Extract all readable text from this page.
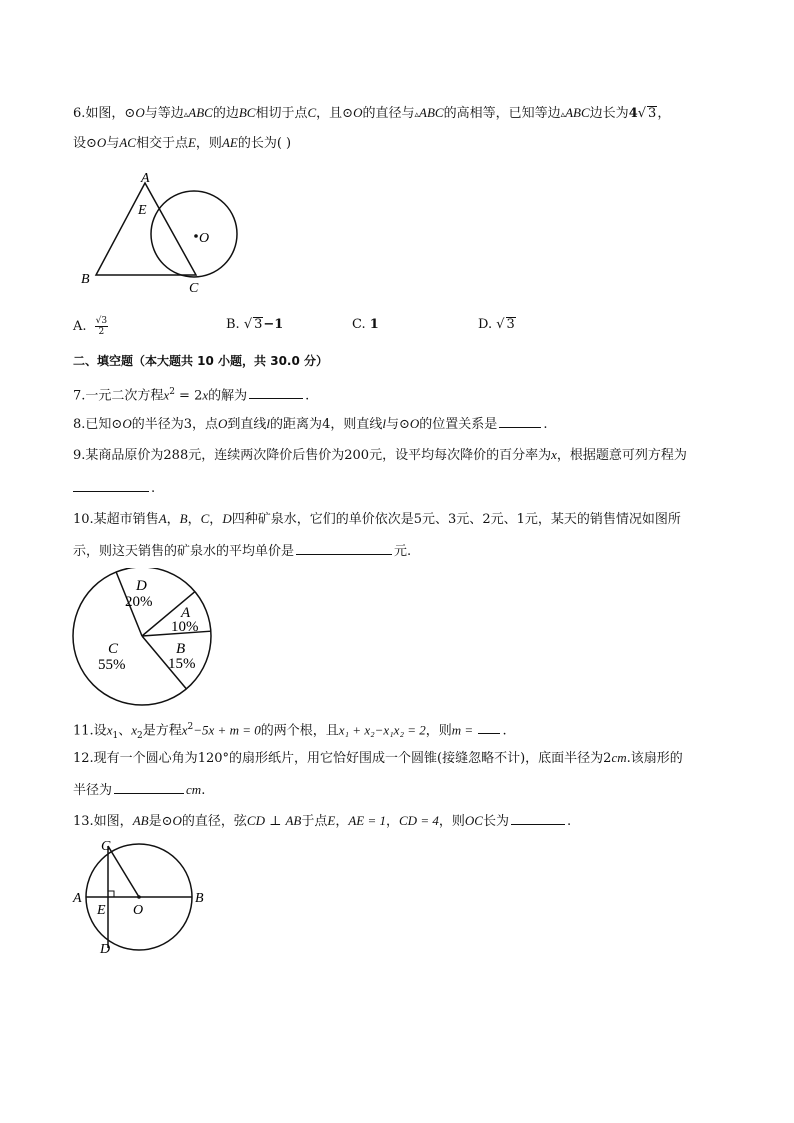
6.如图，⊙O与等边▵ABC的边BC相切于点C，且⊙O的直径与▵ABC的高相等，已知等边▵ABC边长为4√ 3，
设⊙O与AC相交于点E，则AE的长为( )
A
E
O
B
C
A. $\frac{√3}{2}$	B. √ 3−1	C. 1	D. √ 3
二、填空题（本大题共 10 小题，共 30.0 分）
7.一元二次方程$x^2 = 2x$的解为	.
8.已知⊙O的半径为3，点O到直线l的距离为4，则直线l与⊙O的位置关系是	.
9.某商品原价为288元，连续两次降价后售价为200元，设平均每次降价的百分率为x，根据题意可列方程为
.
10.某超市销售A，B，C，D四种矿泉水，它们的单价依次是5元、3元、2元、1元，某天的销售情况如图所
示，则这天销售的矿泉水的平均单价是	元.
D
20%
A
10%
C
55%
B
15%
11.设$x_1$、$x_2$是方程$x^2-5x + m = 0$的两个根，且x₁ + x₂−x₁x₂ = 2，则m = .
12.现有一个圆心角为120°的扇形纸片，用它恰好围成一个圆锥(接缝忽略不计)，底面半径为2cm.该扇形的
半径为	cm.
13.如图，AB是⊙O的直径，弦CD ⊥ AB于点E，AE = 1，CD = 4，则OC长为	.
C
A
E O
B
D
